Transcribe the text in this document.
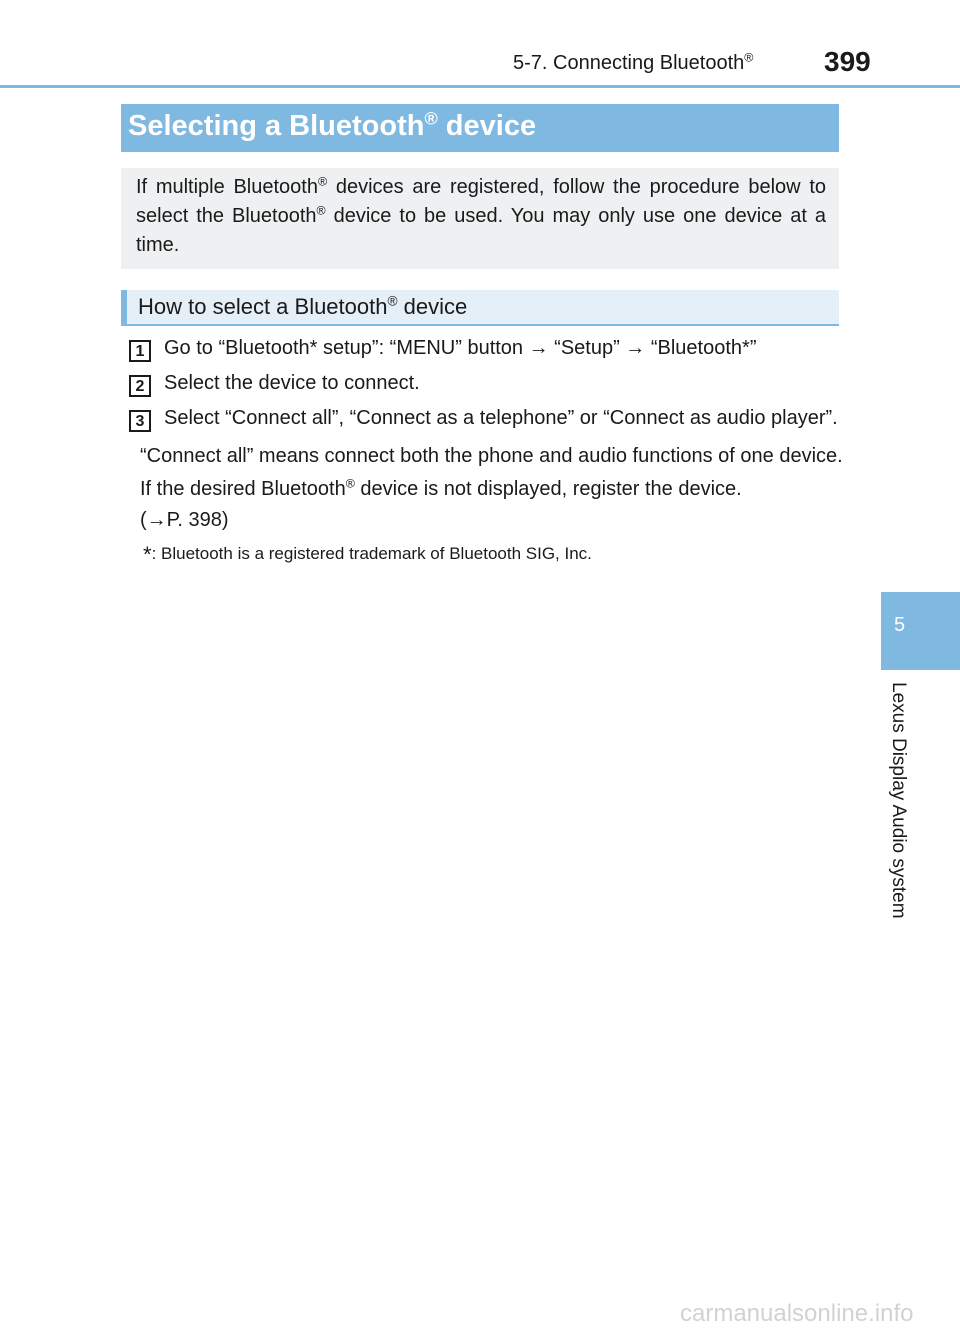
5-7. Connecting Bluetooth®	399
Selecting a Bluetooth® device
If multiple Bluetooth® devices are registered, follow the procedure below to select the Bluetooth® device to be used. You may only use one device at a time.
How to select a Bluetooth® device
1 Go to “Bluetooth* setup”: “MENU” button → “Setup” → “Bluetooth*”
2 Select the device to connect.
3 Select “Connect all”, “Connect as a telephone” or “Connect as audio player”.
“Connect all” means connect both the phone and audio functions of one device.
If the desired Bluetooth® device is not displayed, register the device.
(→P. 398)
*: Bluetooth is a registered trademark of Bluetooth SIG, Inc.
5
Lexus Display Audio system
carmanualsonline.info
